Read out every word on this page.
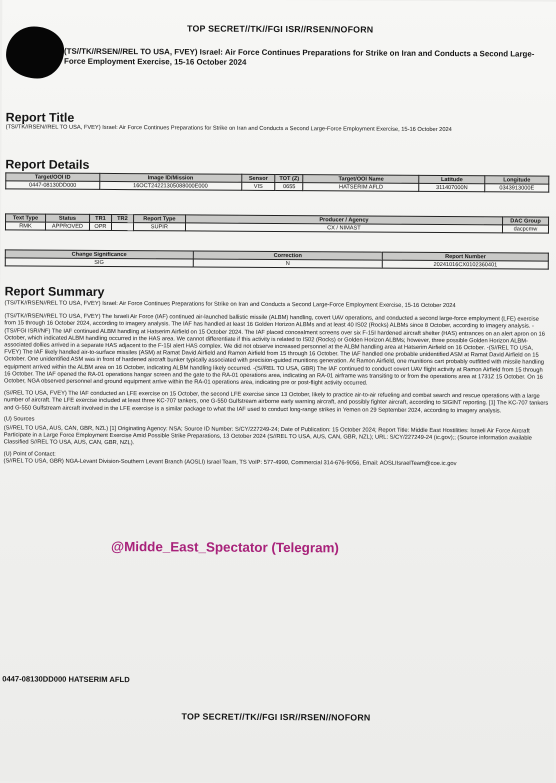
TOP SECRET//TK//FGI ISR//RSEN/NOFORN
(TS//TK//RSEN//REL TO USA, FVEY) Israel: Air Force Continues Preparations for Strike on Iran and Conducts a Second Large-Force Employment Exercise, 15-16 October 2024
Report Title
(TS//TK//RSEN//REL TO USA, FVEY) Israel: Air Force Continues Preparations for Strike on Iran and Conducts a Second Large-Force Employment Exercise, 15-16 October 2024
Report Details
Target/OOI ID	Image ID/Mission	Sensor	TOT (Z)	Target/OOI Name	Latitude	Longitude
0447-08130DD000	16OCT24221305088000E000	VIS	0655	HATSERIM AFLD	311407000N	0343913000E
Text Type	Status	TR1	TR2	Report Type	Producer / Agency	DAC Group
RMK	APPROVED	OPR		SUPIR	CX / NIMAST	dacpcmw
Change Significance	Correction	Report Number
SIG	N	20241016CX0102360401
Report Summary

(TS//TK//RSEN//REL TO USA, FVEY) Israel: Air Force Continues Preparations for Strike on Iran and Conducts a Second Large-Force Employment Exercise, 15-16 October 2024

(TS//TK//RSEN//REL TO USA, FVEY) The Israeli Air Force (IAF) continued air-launched ballistic missile (ALBM) handling, covert UAV operations, and conducted a second large-force employment (LFE) exercise from 15 through 16 October 2024, according to imagery analysis. The IAF has handled at least 16 Golden Horizon ALBMs and at least 40 IS02 (Rocks) ALBMs since 8 October, according to imagery analysis. -(TS//FGI ISR//NF) The IAF continued ALBM handling at Hatserim Airfield on 15 October 2024. The IAF placed concealment screens over six F-15I hardened aircraft shelter (HAS) entrances on an alert apron on 16 October, which indicated ALBM handling occurred in the HAS area. We cannot differentiate if this activity is related to IS02 (Rocks) or Golden Horizon ALBMs; however, three possible Golden Horizon ALBM-associated dollies arrived in a separate HAS adjacent to the F-15I alert HAS complex. We did not observe increased personnel at the ALBM handling area at Hatserim Airfield on 16 October. -(S//REL TO USA, FVEY) The IAF likely handled air-to-surface missiles (ASM) at Ramat David Airfield and Ramon Airfield from 15 through 16 October. The IAF handled one probable unidentified ASM at Ramat David Airfield on 15 October. One unidentified ASM was in front of hardened aircraft bunker typically associated with precision-guided munitions generation. At Ramon Airfield, one munitions cart probably outfitted with missile handling equipment arrived within the ALBM area on 16 October, indicating ALBM handling likely occurred. -(S//REL TO USA, GBR) The IAF continued to conduct covert UAV flight activity at Ramon Airfield from 15 through 16 October. The IAF opened the RA-01 operations hangar screen and the gate to the RA-01 operations area, indicating an RA-01 airframe was transiting to or from the operations area at 1731Z 15 October. On 16 October, NGA observed personnel and ground equipment arrive within the RA-01 operations area, indicating pre or post-flight activity occurred.

(S//REL TO USA, FVEY) The IAF conducted an LFE exercise on 15 October, the second LFE exercise since 13 October, likely to practice air-to-air refueling and combat search and rescue operations with a large number of aircraft. The LFE exercise included at least three KC-707 tankers, one G-550 Gulfstream airborne early warning aircraft, and possibly fighter aircraft, according to SIGINT reporting. [1] The KC-707 tankers and G-550 Gulfstream aircraft involved in the LFE exercise is a similar package to what the IAF used to conduct long-range strikes in Yemen on 29 September 2024, according to imagery analysis.

(U) Sources

(S//REL TO USA, AUS, CAN, GBR, NZL) [1] Originating Agency: NSA; Source ID Number: S/CY/227249-24; Date of Publication: 15 October 2024; Report Title: Middle East Hostilities: Israeli Air Force Aircraft Participate in a Large Force Employment Exercise Amid Possible Strike Preparations, 13 October 2024 (S//REL TO USA, AUS, CAN, GBR, NZL); URL: S/CY/227249-24 (ic.gov);; (Source information available Classified S//REL TO USA, AUS, CAN, GBR, NZL).

(U) Point of Contact:

(S//REL TO USA, GBR) NGA-Levant Division-Southern Levant Branch (AOSLI) Israel Team, TS VoIP: 577-4990, Commercial 314-676-9056, Email: AOSLIIsraelTeam@coe.ic.gov

@Midde_East_Spectator (Telegram)
0447-08130DD000 HATSERIM AFLD
TOP SECRET//TK//FGI ISR//RSEN//NOFORN
